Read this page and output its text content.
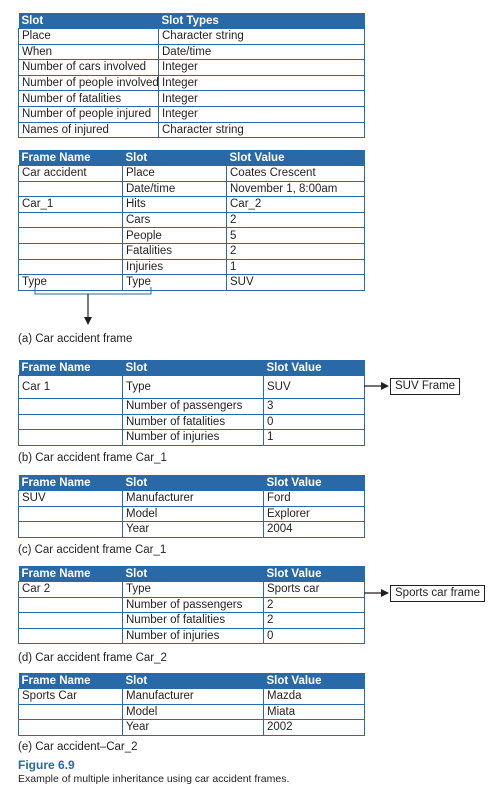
Slot	Slot Types
Place	Character string
When	Date/time
Number of cars involved	Integer
Number of people involved	Integer
Number of fatalities	Integer
Number of people injured	Integer
Names of injured	Character string
Frame Name	Slot	Slot Value
Car accident	Place	Coates Crescent
	Date/time	November 1, 8:00am
Car_1	Hits	Car_2
	Cars	2
	People	5
	Fatalities	2
	Injuries	1
Type	Type	SUV
(a) Car accident frame
Frame Name	Slot	Slot Value
Car 1	Type	SUV
	Number of passengers	3
	Number of fatalities	0
	Number of injuries	1
SUV Frame
(b) Car accident frame Car_1
Frame Name	Slot	Slot Value
SUV	Manufacturer	Ford
	Model	Explorer
	Year	2004
(c) Car accident frame Car_1
Frame Name	Slot	Slot Value
Car 2	Type	Sports car
	Number of passengers	2
	Number of fatalities	2
	Number of injuries	0
Sports car frame
(d) Car accident frame Car_2
Frame Name	Slot	Slot Value
Sports Car	Manufacturer	Mazda
	Model	Miata
	Year	2002
(e) Car accident–Car_2
Figure 6.9
Example of multiple inheritance using car accident frames.
